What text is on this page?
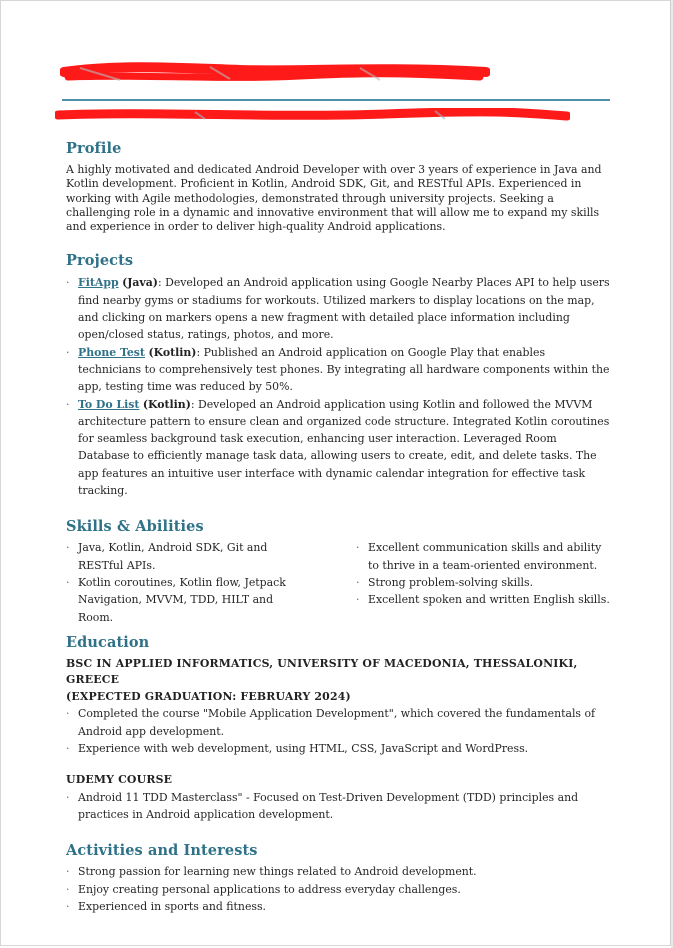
Profile

A highly motivated and dedicated Android Developer with over 3 years of experience in Java and Kotlin development. Proficient in Kotlin, Android SDK, Git, and RESTful APIs. Experienced in working with Agile methodologies, demonstrated through university projects. Seeking a challenging role in a dynamic and innovative environment that will allow me to expand my skills and experience in order to deliver high-quality Android applications.

Projects
· FitApp (Java): Developed an Android application using Google Nearby Places API to help users find nearby gyms or stadiums for workouts. Utilized markers to display locations on the map, and clicking on markers opens a new fragment with detailed place information including open/closed status, ratings, photos, and more.
· Phone Test (Kotlin): Published an Android application on Google Play that enables technicians to comprehensively test phones. By integrating all hardware components within the app, testing time was reduced by 50%.
· To Do List (Kotlin): Developed an Android application using Kotlin and followed the MVVM architecture pattern to ensure clean and organized code structure. Integrated Kotlin coroutines for seamless background task execution, enhancing user interaction. Leveraged Room Database to efficiently manage task data, allowing users to create, edit, and delete tasks. The app features an intuitive user interface with dynamic calendar integration for effective task tracking.
Skills & Abilities
· Java, Kotlin, Android SDK, Git and RESTful APIs.
· Kotlin coroutines, Kotlin flow, Jetpack Navigation, MVVM, TDD, HILT and Room.
· Excellent communication skills and ability to thrive in a team-oriented environment.
· Strong problem-solving skills.
· Excellent spoken and written English skills.
Education

BSC IN APPLIED INFORMATICS, UNIVERSITY OF MACEDONIA, THESSALONIKI, GREECE

(EXPECTED GRADUATION: FEBRUARY 2024)

· Completed the course "Mobile Application Development", which covered the fundamentals of Android app development.
· Experience with web development, using HTML, CSS, JavaScript and WordPress.

UDEMY COURSE

· Android 11 TDD Masterclass" - Focused on Test-Driven Development (TDD) principles and practices in Android application development.
Activities and Interests
· Strong passion for learning new things related to Android development.
· Enjoy creating personal applications to address everyday challenges.
· Experienced in sports and fitness.
